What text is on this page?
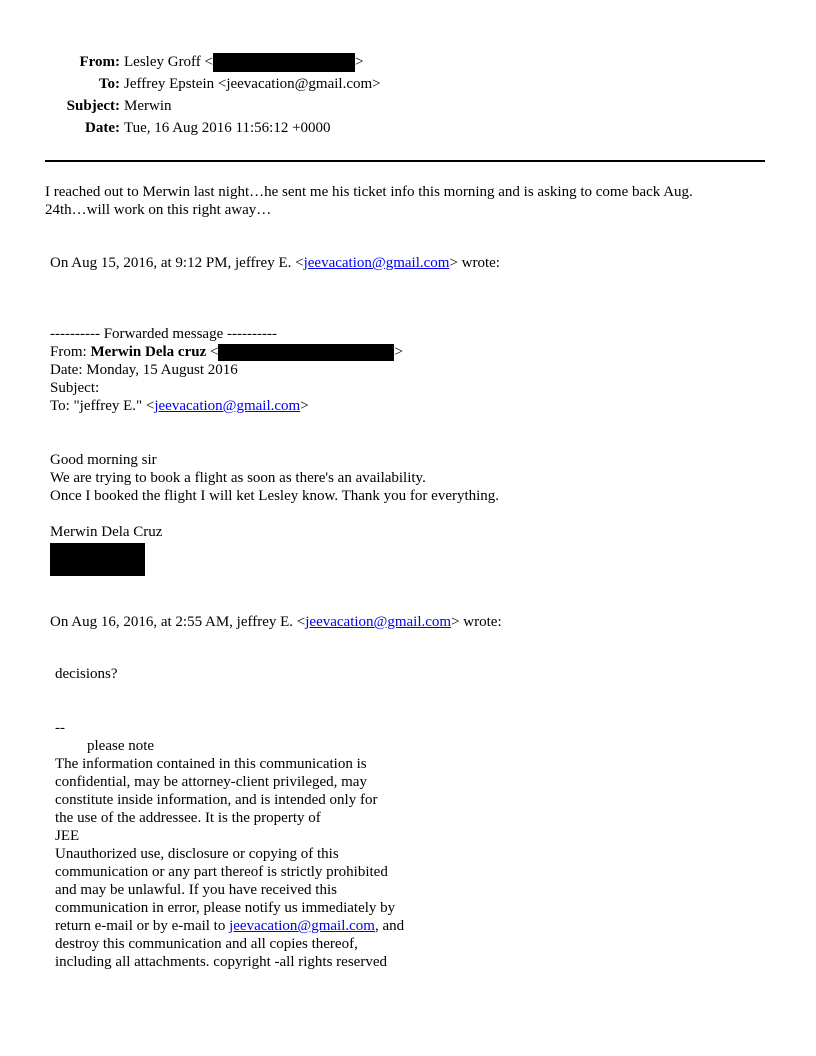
From: Lesley Groff <	>
To: Jeffrey Epstein <jeevacation@gmail.com>
Subject: Merwin
Date: Tue, 16 Aug 2016 11:56:12 +0000
I reached out to Merwin last night…he sent me his ticket info this morning and is asking to come back Aug.
24th…will work on this right away…
On Aug 15, 2016, at 9:12 PM, jeffrey E. <jeevacation@gmail.com> wrote:
---------- Forwarded message ----------
From: Merwin Dela cruz <	>
Date: Monday, 15 August 2016
Subject:
To: "jeffrey E." <jeevacation@gmail.com>
Good morning sir
We are trying to book a flight as soon as there's an availability.
Once I booked the flight I will ket Lesley know. Thank you for everything.
Merwin Dela Cruz
On Aug 16, 2016, at 2:55 AM, jeffrey E. <jeevacation@gmail.com> wrote:
decisions?
--
please note
The information contained in this communication is
confidential, may be attorney-client privileged, may
constitute inside information, and is intended only for
the use of the addressee. It is the property of
JEE
Unauthorized use, disclosure or copying of this
communication or any part thereof is strictly prohibited
and may be unlawful. If you have received this
communication in error, please notify us immediately by
return e-mail or by e-mail to jeevacation@gmail.com, and
destroy this communication and all copies thereof,
including all attachments. copyright -all rights reserved
